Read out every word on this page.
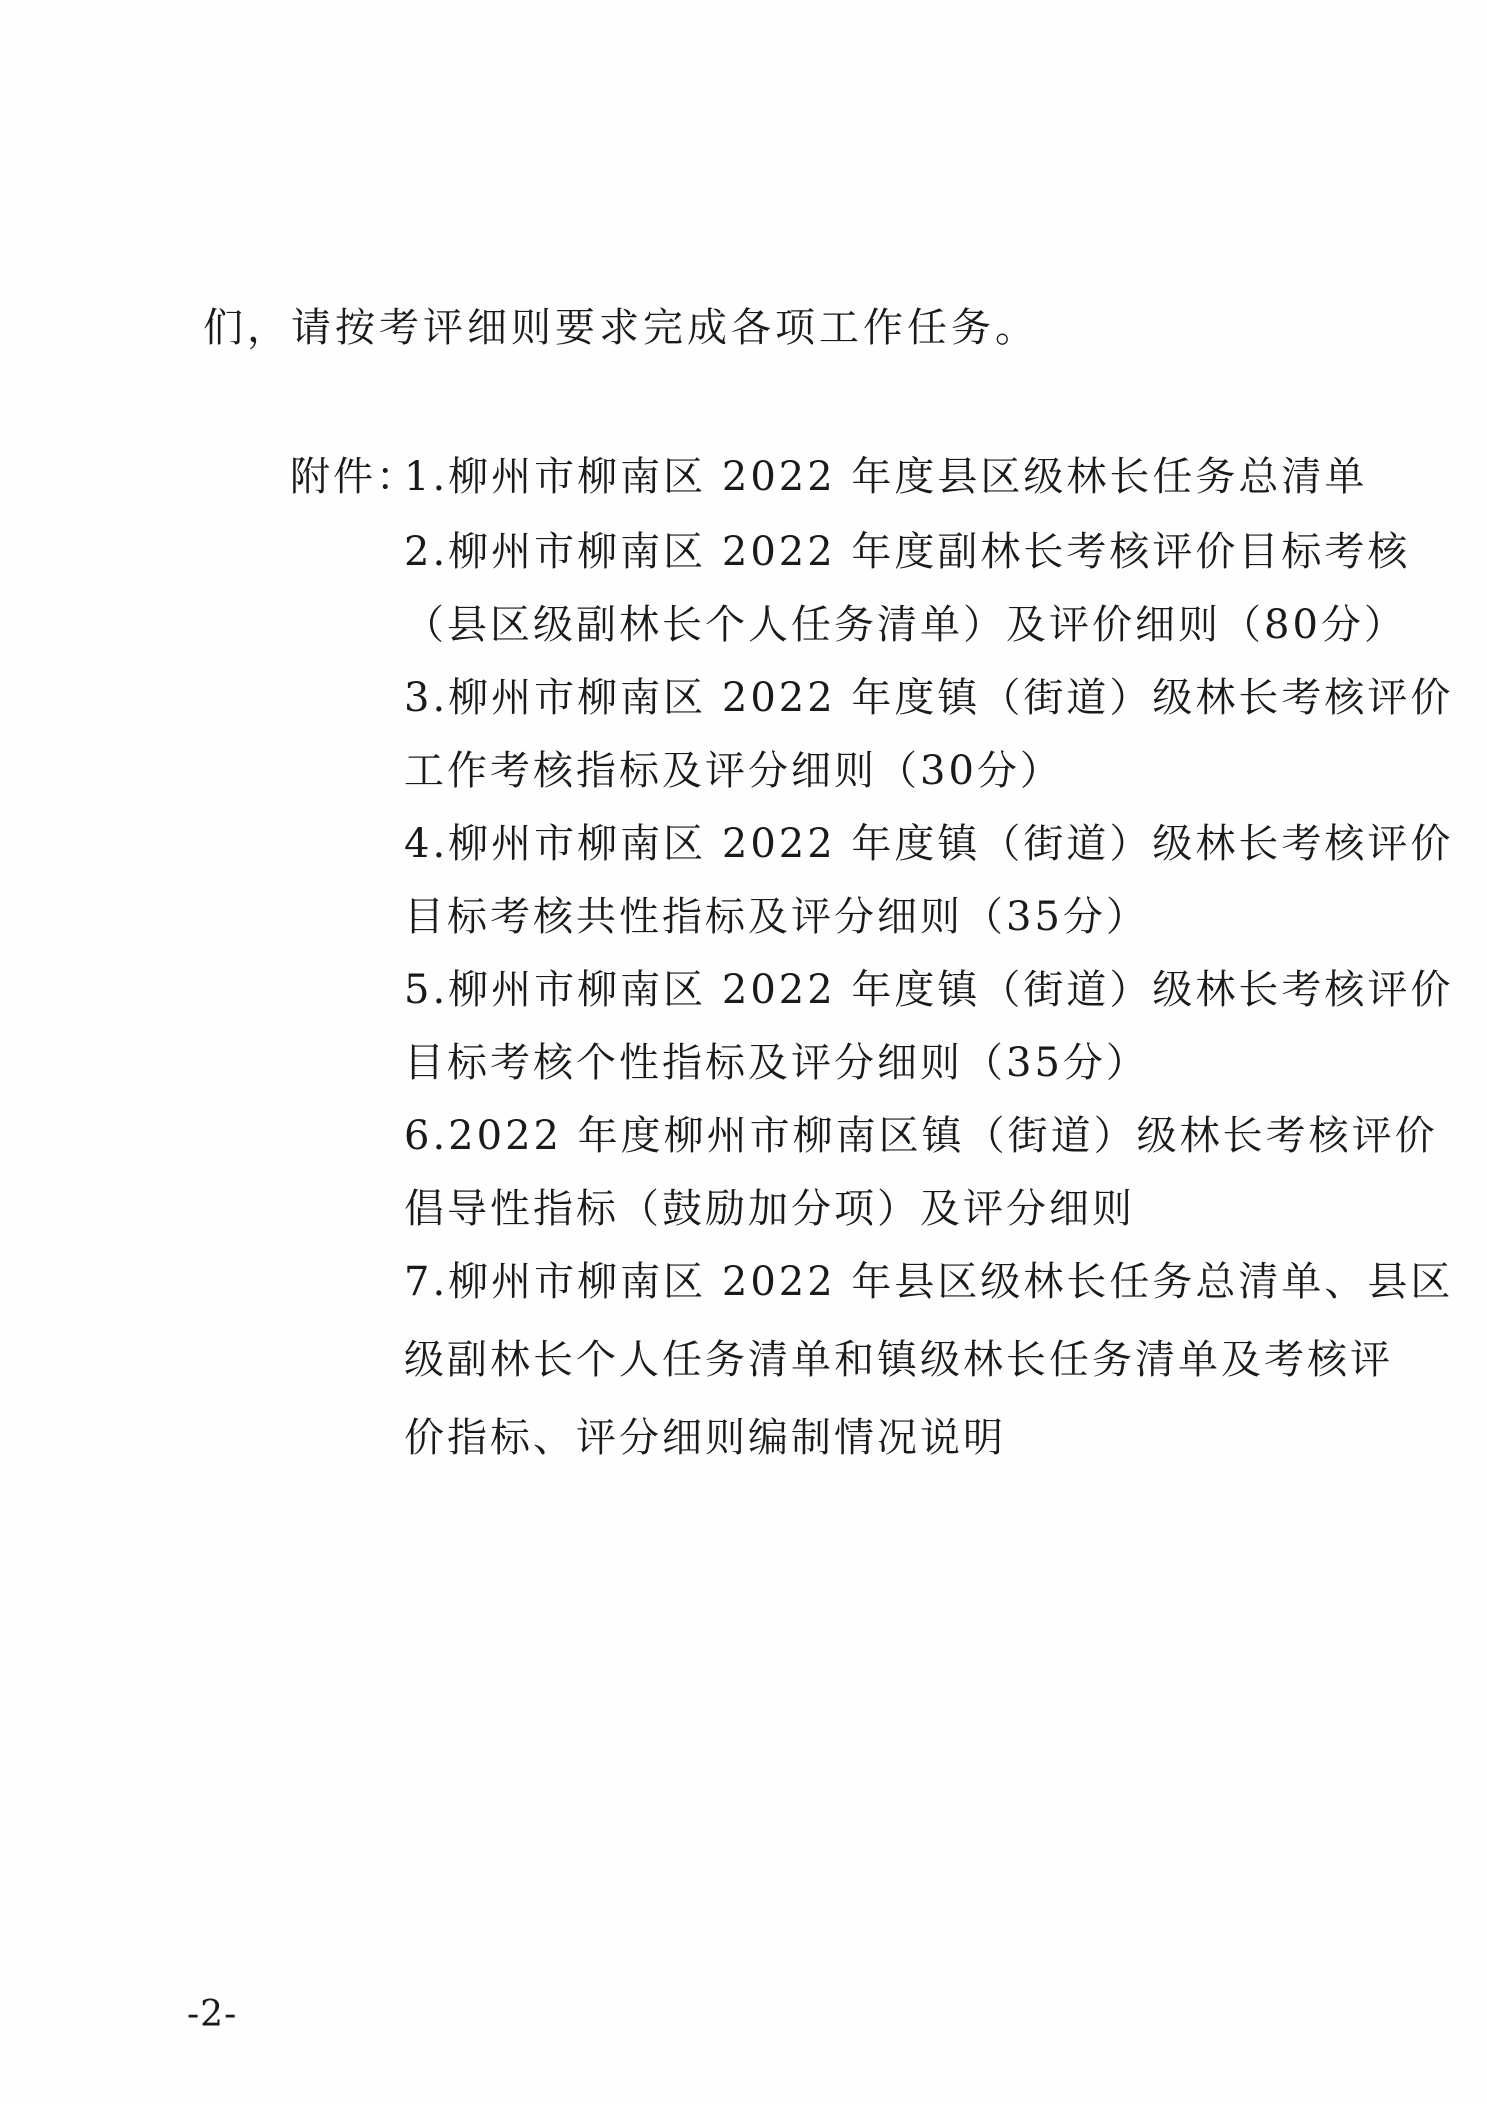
们，请按考评细则要求完成各项工作任务。
附件：
1.柳州市柳南区 2022 年度县区级林长任务总清单
2.柳州市柳南区 2022 年度副林长考核评价目标考核
（县区级副林长个人任务清单）及评价细则（80分）
3.柳州市柳南区 2022 年度镇（街道）级林长考核评价
工作考核指标及评分细则（30分）
4.柳州市柳南区 2022 年度镇（街道）级林长考核评价
目标考核共性指标及评分细则（35分）
5.柳州市柳南区 2022 年度镇（街道）级林长考核评价
目标考核个性指标及评分细则（35分）
6.2022 年度柳州市柳南区镇（街道）级林长考核评价
倡导性指标（鼓励加分项）及评分细则
7.柳州市柳南区 2022 年县区级林长任务总清单、县区
级副林长个人任务清单和镇级林长任务清单及考核评
价指标、评分细则编制情况说明
-2-
